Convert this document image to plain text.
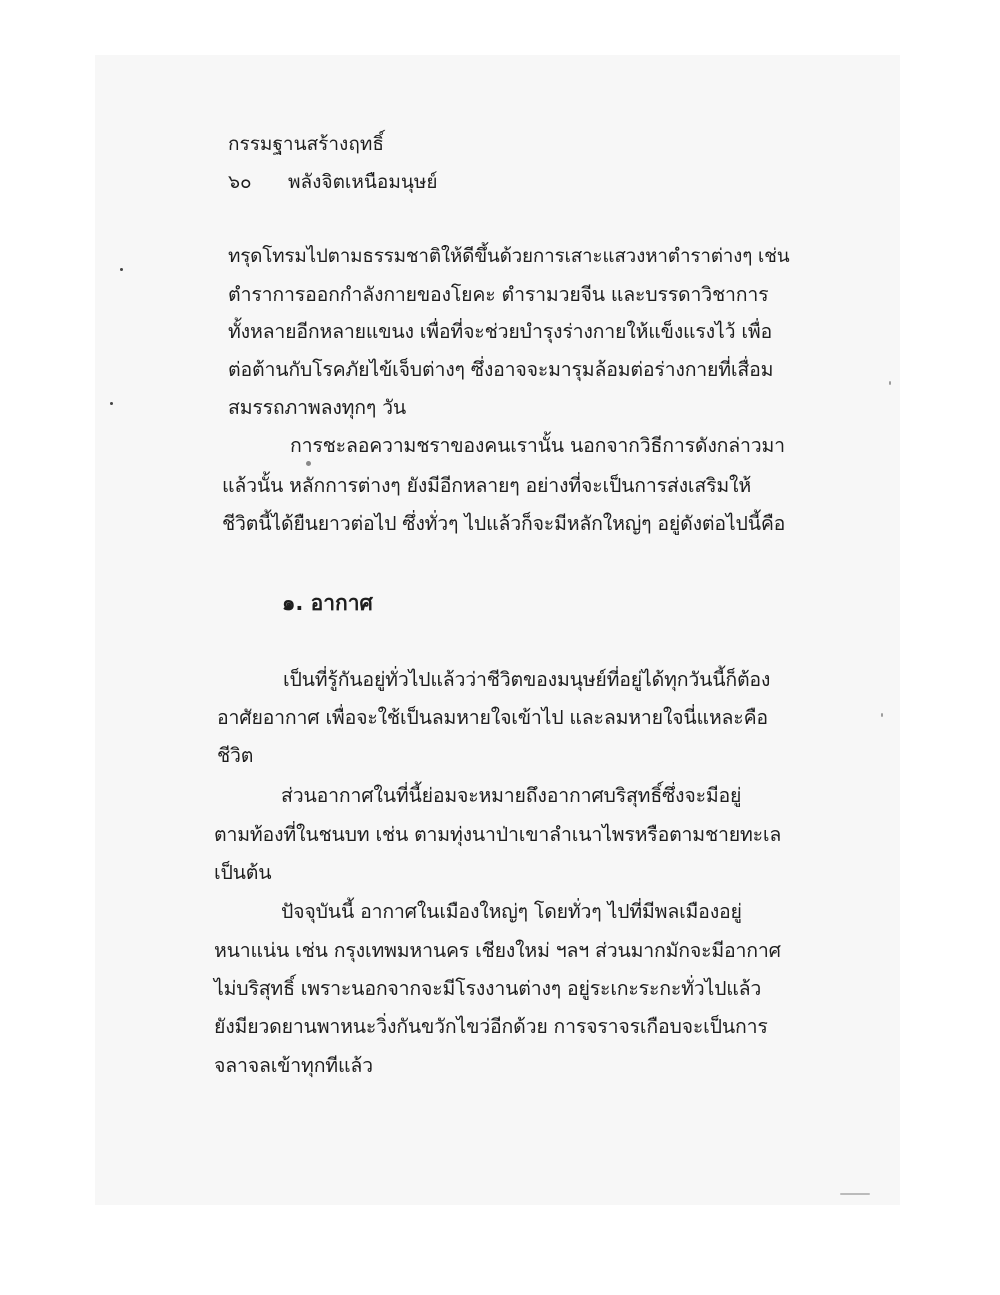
กรรมฐานสร้างฤทธิ์
๖๐ พลังจิตเหนือมนุษย์
ทรุดโทรมไปตามธรรมชาติให้ดีขึ้นด้วยการเสาะแสวงหาตำราต่างๆ เช่น
ตำราการออกกำลังกายของโยคะ ตำรามวยจีน และบรรดาวิชาการ
ทั้งหลายอีกหลายแขนง เพื่อที่จะช่วยบำรุงร่างกายให้แข็งแรงไว้ เพื่อ
ต่อต้านกับโรคภัยไข้เจ็บต่างๆ ซึ่งอาจจะมารุมล้อมต่อร่างกายที่เสื่อม
สมรรถภาพลงทุกๆ วัน
การชะลอความชราของคนเรานั้น นอกจากวิธีการดังกล่าวมา
แล้วนั้น หลักการต่างๆ ยังมีอีกหลายๆ อย่างที่จะเป็นการส่งเสริมให้
ชีวิตนี้ได้ยืนยาวต่อไป ซึ่งทั่วๆ ไปแล้วก็จะมีหลักใหญ่ๆ อยู่ดังต่อไปนี้คือ
๑. อากาศ
เป็นที่รู้กันอยู่ทั่วไปแล้วว่าชีวิตของมนุษย์ที่อยู่ได้ทุกวันนี้ก็ต้อง
อาศัยอากาศ เพื่อจะใช้เป็นลมหายใจเข้าไป และลมหายใจนี่แหละคือ
ชีวิต
ส่วนอากาศในที่นี้ย่อมจะหมายถึงอากาศบริสุทธิ์ซึ่งจะมีอยู่
ตามท้องที่ในชนบท เช่น ตามทุ่งนาป่าเขาลำเนาไพรหรือตามชายทะเล
เป็นต้น
ปัจจุบันนี้ อากาศในเมืองใหญ่ๆ โดยทั่วๆ ไปที่มีพลเมืองอยู่
หนาแน่น เช่น กรุงเทพมหานคร เชียงใหม่ ฯลฯ ส่วนมากมักจะมีอากาศ
ไม่บริสุทธิ์ เพราะนอกจากจะมีโรงงานต่างๆ อยู่ระเกะระกะทั่วไปแล้ว
ยังมียวดยานพาหนะวิ่งกันขวักไขว่อีกด้วย การจราจรเกือบจะเป็นการ
จลาจลเข้าทุกทีแล้ว
